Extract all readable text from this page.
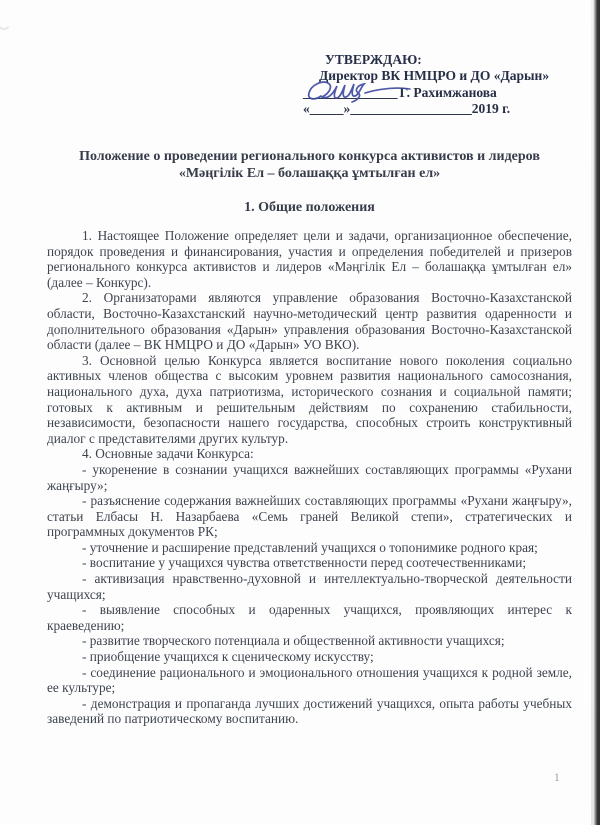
УТВЕРЖДАЮ:
Директор ВК НМЦРО и ДО «Дарын»
______________ Г. Рахимжанова
«_____»__________________2019 г.
Положение о проведении регионального конкурса активистов и лидеров
«Мәңгілік Ел – болашаққа ұмтылған ел»
1. Общие положения

1. Настоящее Положение определяет цели и задачи, организационное обеспечение, порядок проведения и финансирования, участия и определения победителей и призеров регионального конкурса активистов и лидеров «Мәңгілік Ел – болашаққа ұмтылған ел» (далее – Конкурс).

2. Организаторами являются управление образования Восточно-Казахстанской области, Восточно-Казахстанский научно-методический центр развития одаренности и дополнительного образования «Дарын» управления образования Восточно-Казахстанской области (далее – ВК НМЦРО и ДО «Дарын» УО ВКО).

3. Основной целью Конкурса является воспитание нового поколения социально активных членов общества с высоким уровнем развития национального самосознания, национального духа, духа патриотизма, исторического сознания и социальной памяти; готовых к активным и решительным действиям по сохранению стабильности, независимости, безопасности нашего государства, способных строить конструктивный диалог с представителями других культур.

4. Основные задачи Конкурса:

- укоренение в сознании учащихся важнейших составляющих программы «Рухани жаңғыру»;

- разъяснение содержания важнейших составляющих программы «Рухани жаңғыру», статьи Елбасы Н. Назарбаева «Семь граней Великой степи», стратегических и программных документов РК;

- уточнение и расширение представлений учащихся о топонимике родного края;

- воспитание у учащихся чувства ответственности перед соотечественниками;

- активизация нравственно-духовной и интеллектуально-творческой деятельности учащихся;

- выявление способных и одаренных учащихся, проявляющих интерес к краеведению;

- развитие творческого потенциала и общественной активности учащихся;

- приобщение учащихся к сценическому искусству;

- соединение рационального и эмоционального отношения учащихся к родной земле, ее культуре;

- демонстрация и пропаганда лучших достижений учащихся, опыта работы учебных заведений по патриотическому воспитанию.

1
